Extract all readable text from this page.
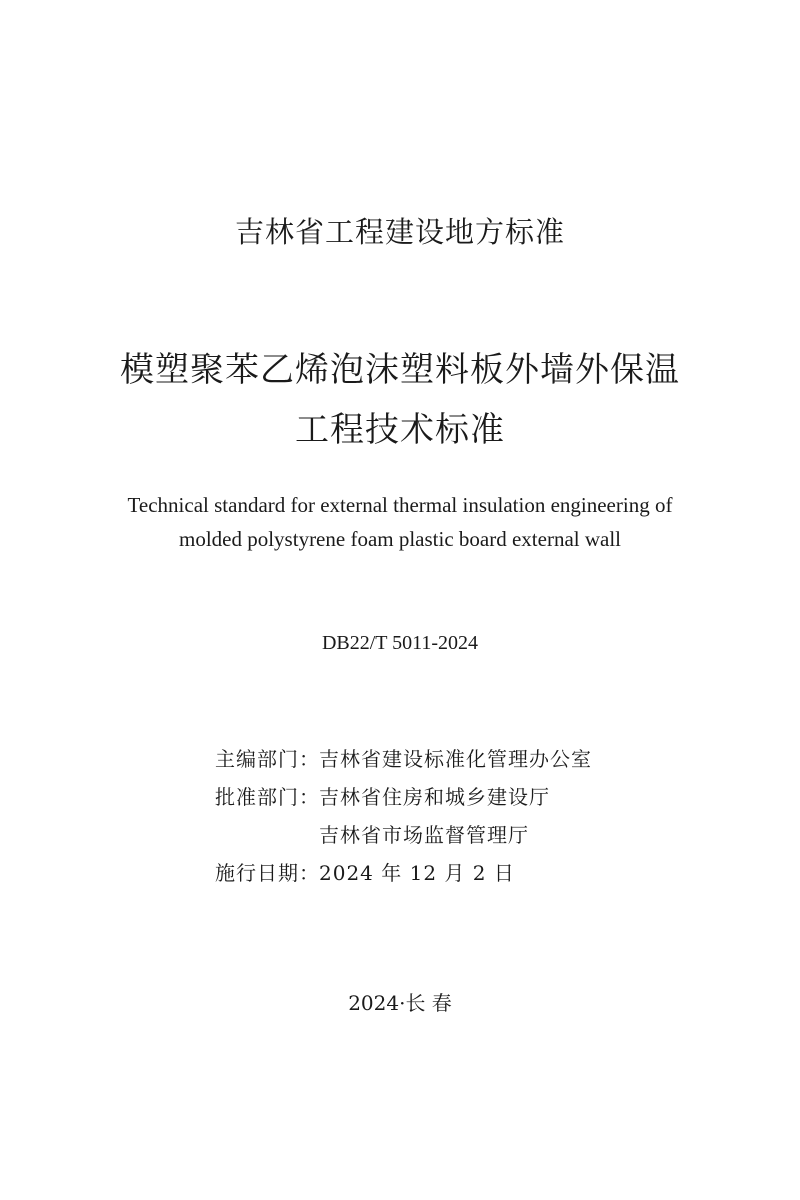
吉林省工程建设地方标准
模塑聚苯乙烯泡沫塑料板外墙外保温
工程技术标准
Technical standard for external thermal insulation engineering of
molded polystyrene foam plastic board external wall
DB22/T 5011-2024
主编部门： 吉林省建设标准化管理办公室
批准部门： 吉林省住房和城乡建设厅
吉林省市场监督管理厅
施行日期： 2024 年 12 月 2 日
2024·长 春
